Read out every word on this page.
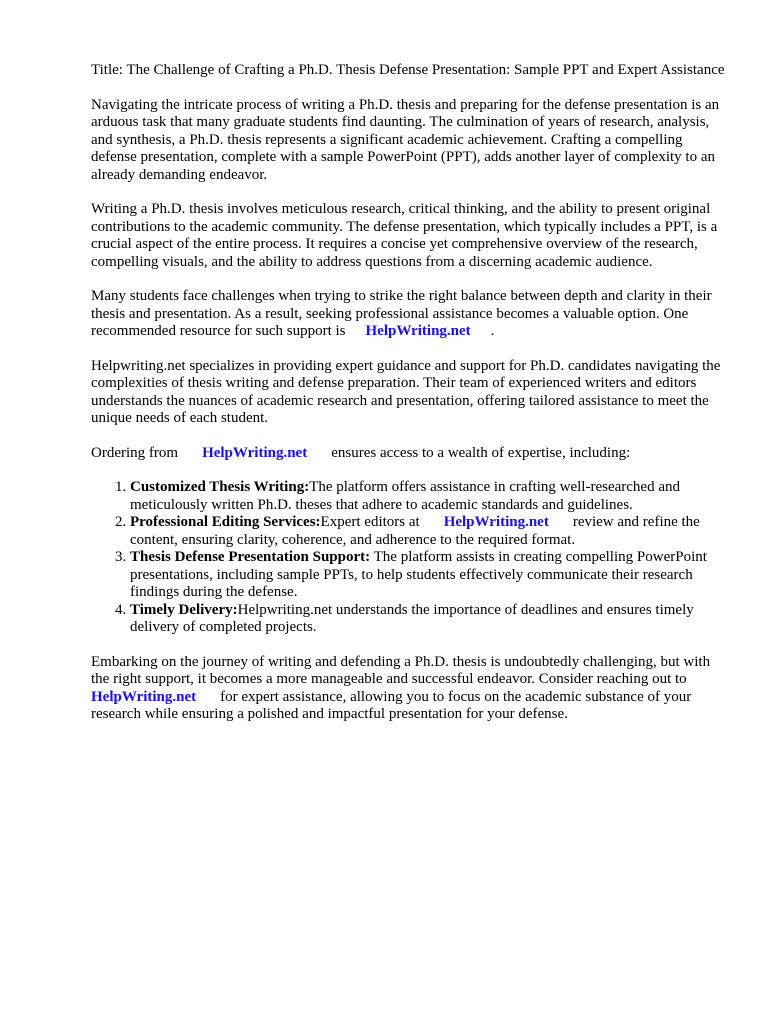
Title: The Challenge of Crafting a Ph.D. Thesis Defense Presentation: Sample PPT and Expert Assistance

Navigating the intricate process of writing a Ph.D. thesis and preparing for the defense presentation is an arduous task that many graduate students find daunting. The culmination of years of research, analysis, and synthesis, a Ph.D. thesis represents a significant academic achievement. Crafting a compelling defense presentation, complete with a sample PowerPoint (PPT), adds another layer of complexity to an already demanding endeavor.

Writing a Ph.D. thesis involves meticulous research, critical thinking, and the ability to present original contributions to the academic community. The defense presentation, which typically includes a PPT, is a crucial aspect of the entire process. It requires a concise yet comprehensive overview of the research, compelling visuals, and the ability to address questions from a discerning academic audience.

Many students face challenges when trying to strike the right balance between depth and clarity in their thesis and presentation. As a result, seeking professional assistance becomes a valuable option. One recommended resource for such support is HelpWriting.net .

Helpwriting.net specializes in providing expert guidance and support for Ph.D. candidates navigating the complexities of thesis writing and defense preparation. Their team of experienced writers and editors understands the nuances of academic research and presentation, offering tailored assistance to meet the unique needs of each student.

Ordering from HelpWriting.net ensures access to a wealth of expertise, including:

1. Customized Thesis Writing:The platform offers assistance in crafting well-researched and meticulously written Ph.D. theses that adhere to academic standards and guidelines.
2. Professional Editing Services:Expert editors at HelpWriting.net review and refine the content, ensuring clarity, coherence, and adherence to the required format.
3. Thesis Defense Presentation Support: The platform assists in creating compelling PowerPoint presentations, including sample PPTs, to help students effectively communicate their research findings during the defense.
4. Timely Delivery:Helpwriting.net understands the importance of deadlines and ensures timely delivery of completed projects.

Embarking on the journey of writing and defending a Ph.D. thesis is undoubtedly challenging, but with the right support, it becomes a more manageable and successful endeavor. Consider reaching out toHelpWriting.net for expert assistance, allowing you to focus on the academic substance of your research while ensuring a polished and impactful presentation for your defense.
